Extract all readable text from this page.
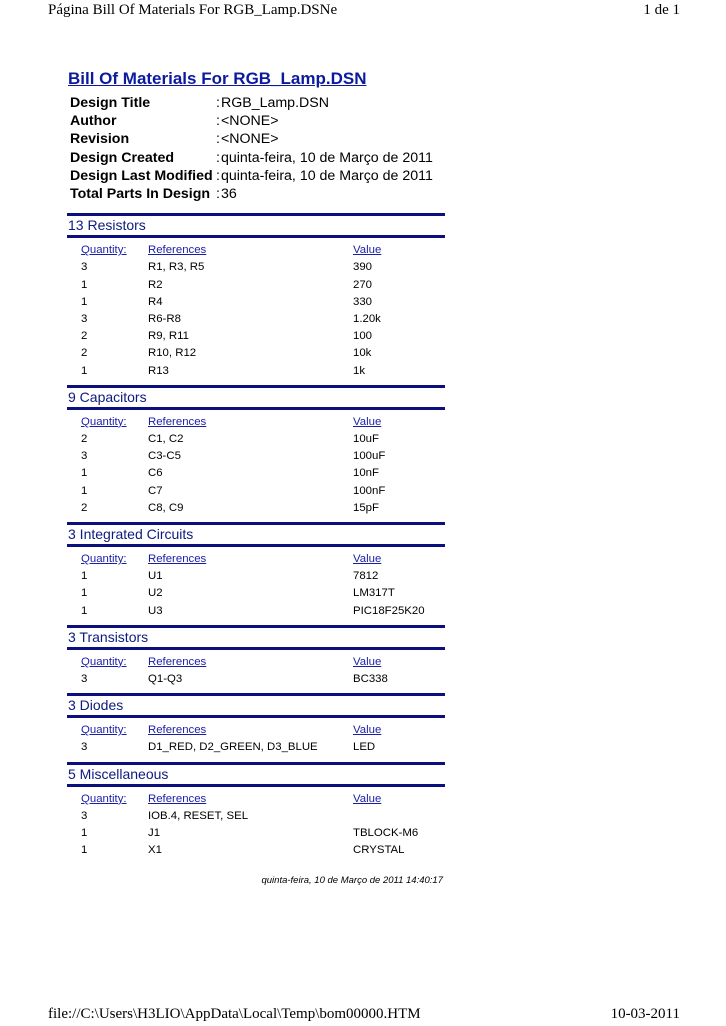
Página Bill Of Materials For RGB_Lamp.DSNe	1 de 1
Bill Of Materials For RGB_Lamp.DSN
Design Title	: RGB_Lamp.DSN
Author	: <NONE>
Revision	: <NONE>
Design Created	: quinta-feira, 10 de Março de 2011
Design Last Modified : quinta-feira, 10 de Março de 2011
Total Parts In Design : 36
13 Resistors
Quantity:	References	Value
3	R1, R3, R5	390
1	R2	270
1	R4	330
3	R6-R8	1.20k
2	R9, R11	100
2	R10, R12	10k
1	R13	1k
9 Capacitors
Quantity:	References	Value
2	C1, C2	10uF
3	C3-C5	100uF
1	C6	10nF
1	C7	100nF
2	C8, C9	15pF
3 Integrated Circuits
Quantity:	References	Value
1	U1	7812
1	U2	LM317T
1	U3	PIC18F25K20
3 Transistors
Quantity:	References	Value
3	Q1-Q3	BC338
3 Diodes
Quantity:	References	Value
3	D1_RED, D2_GREEN, D3_BLUE	LED
5 Miscellaneous
Quantity:	References	Value
3	IOB.4, RESET, SEL
1	J1	TBLOCK-M6
1	X1	CRYSTAL
quinta-feira, 10 de Março de 2011 14:40:17
file://C:\Users\H3LIO\AppData\Local\Temp\bom00000.HTM	10-03-2011
